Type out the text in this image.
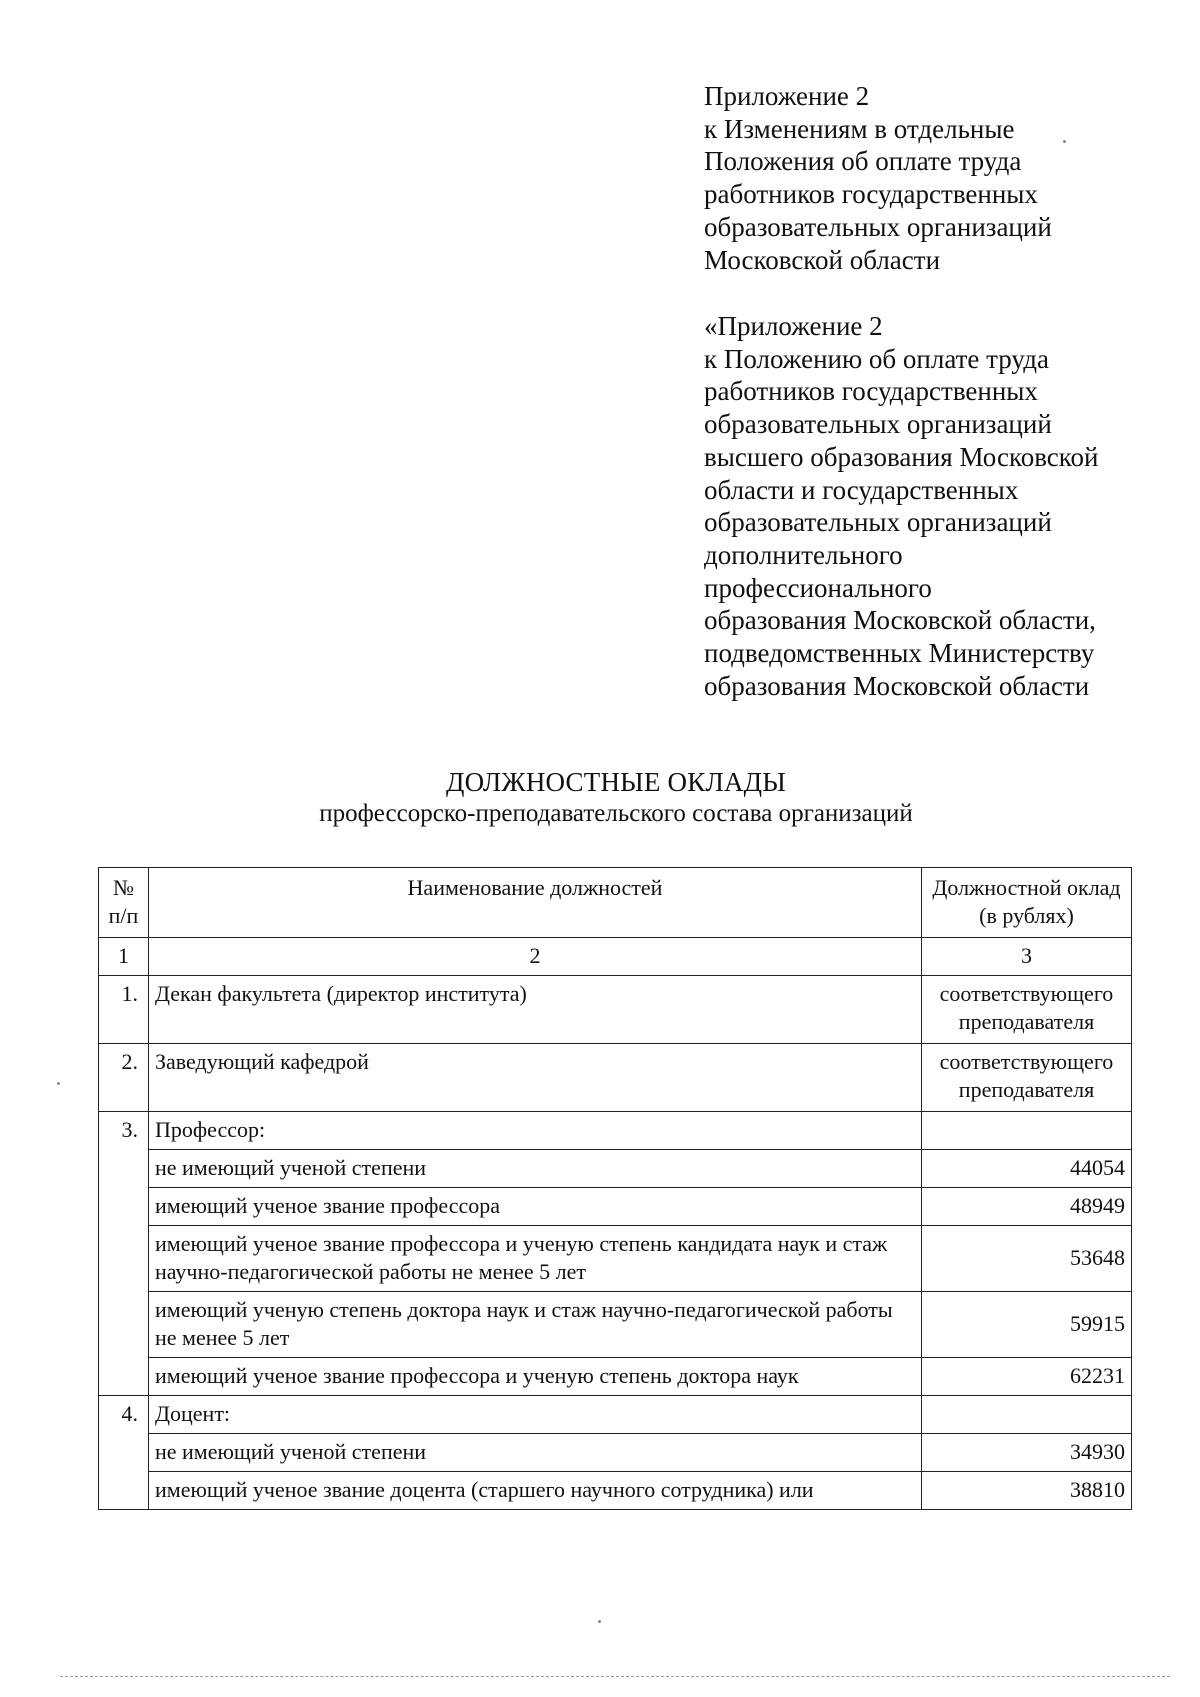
Приложение 2
к Изменениям в отдельные
Положения об оплате труда
работников государственных
образовательных организаций
Московской области
«Приложение 2
к Положению об оплате труда
работников государственных
образовательных организаций
высшего образования Московской
области и государственных
образовательных организаций
дополнительного
профессионального
образования Московской области,
подведомственных Министерству
образования Московской области
ДОЛЖНОСТНЫЕ ОКЛАДЫ
профессорско-преподавательского состава организаций
№ п/п	Наименование должностей	Должностной оклад (в рублях)
1	2	3
1.	Декан факультета (директор института)	соответствующего преподавателя
2.	Заведующий кафедрой	соответствующего преподавателя
3.	Профессор:	
	не имеющий ученой степени	44054
	имеющий ученое звание профессора	48949
	имеющий ученое звание профессора и ученую степень кандидата наук и стаж научно-педагогической работы не менее 5 лет	53648
	имеющий ученую степень доктора наук и стаж научно-педагогической работы не менее 5 лет	59915
	имеющий ученое звание профессора и ученую степень доктора наук	62231
4.	Доцент:	
	не имеющий ученой степени	34930
	имеющий ученое звание доцента (старшего научного сотрудника) или	38810
